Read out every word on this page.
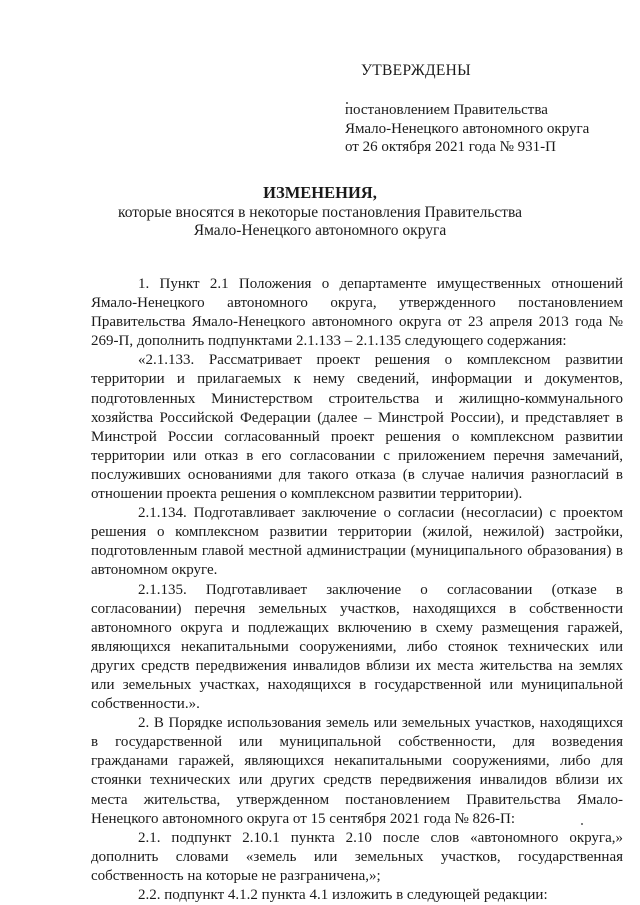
УТВЕРЖДЕНЫ
постановлением Правительства
Ямало-Ненецкого автономного округа
от 26 октября 2021 года № 931-П
ИЗМЕНЕНИЯ,
которые вносятся в некоторые постановления Правительства
Ямало-Ненецкого автономного округа

1. Пункт 2.1 Положения о департаменте имущественных отношений Ямало-Ненецкого автономного округа, утвержденного постановлением Правительства Ямало-Ненецкого автономного округа от 23 апреля 2013 года № 269-П, дополнить подпунктами 2.1.133 – 2.1.135 следующего содержания:

«2.1.133. Рассматривает проект решения о комплексном развитии территории и прилагаемых к нему сведений, информации и документов, подготовленных Министерством строительства и жилищно-коммунального хозяйства Российской Федерации (далее – Минстрой России), и представляет в Минстрой России согласованный проект решения о комплексном развитии территории или отказ в его согласовании с приложением перечня замечаний, послуживших основаниями для такого отказа (в случае наличия разногласий в отношении проекта решения о комплексном развитии территории).

2.1.134. Подготавливает заключение о согласии (несогласии) с проектом решения о комплексном развитии территории (жилой, нежилой) застройки, подготовленным главой местной администрации (муниципального образования) в автономном округе.

2.1.135. Подготавливает заключение о согласовании (отказе в согласовании) перечня земельных участков, находящихся в собственности автономного округа и подлежащих включению в схему размещения гаражей, являющихся некапитальными сооружениями, либо стоянок технических или других средств передвижения инвалидов вблизи их места жительства на землях или земельных участках, находящихся в государственной или муниципальной собственности.».

2. В Порядке использования земель или земельных участков, находящихся в государственной или муниципальной собственности, для возведения гражданами гаражей, являющихся некапитальными сооружениями, либо для стоянки технических или других средств передвижения инвалидов вблизи их места жительства, утвержденном постановлением Правительства Ямало-Ненецкого автономного округа от 15 сентября 2021 года № 826-П:

2.1. подпункт 2.10.1 пункта 2.10 после слов «автономного округа,» дополнить словами «земель или земельных участков, государственная собственность на которые не разграничена,»;

2.2. подпункт 4.1.2 пункта 4.1 изложить в следующей редакции:
